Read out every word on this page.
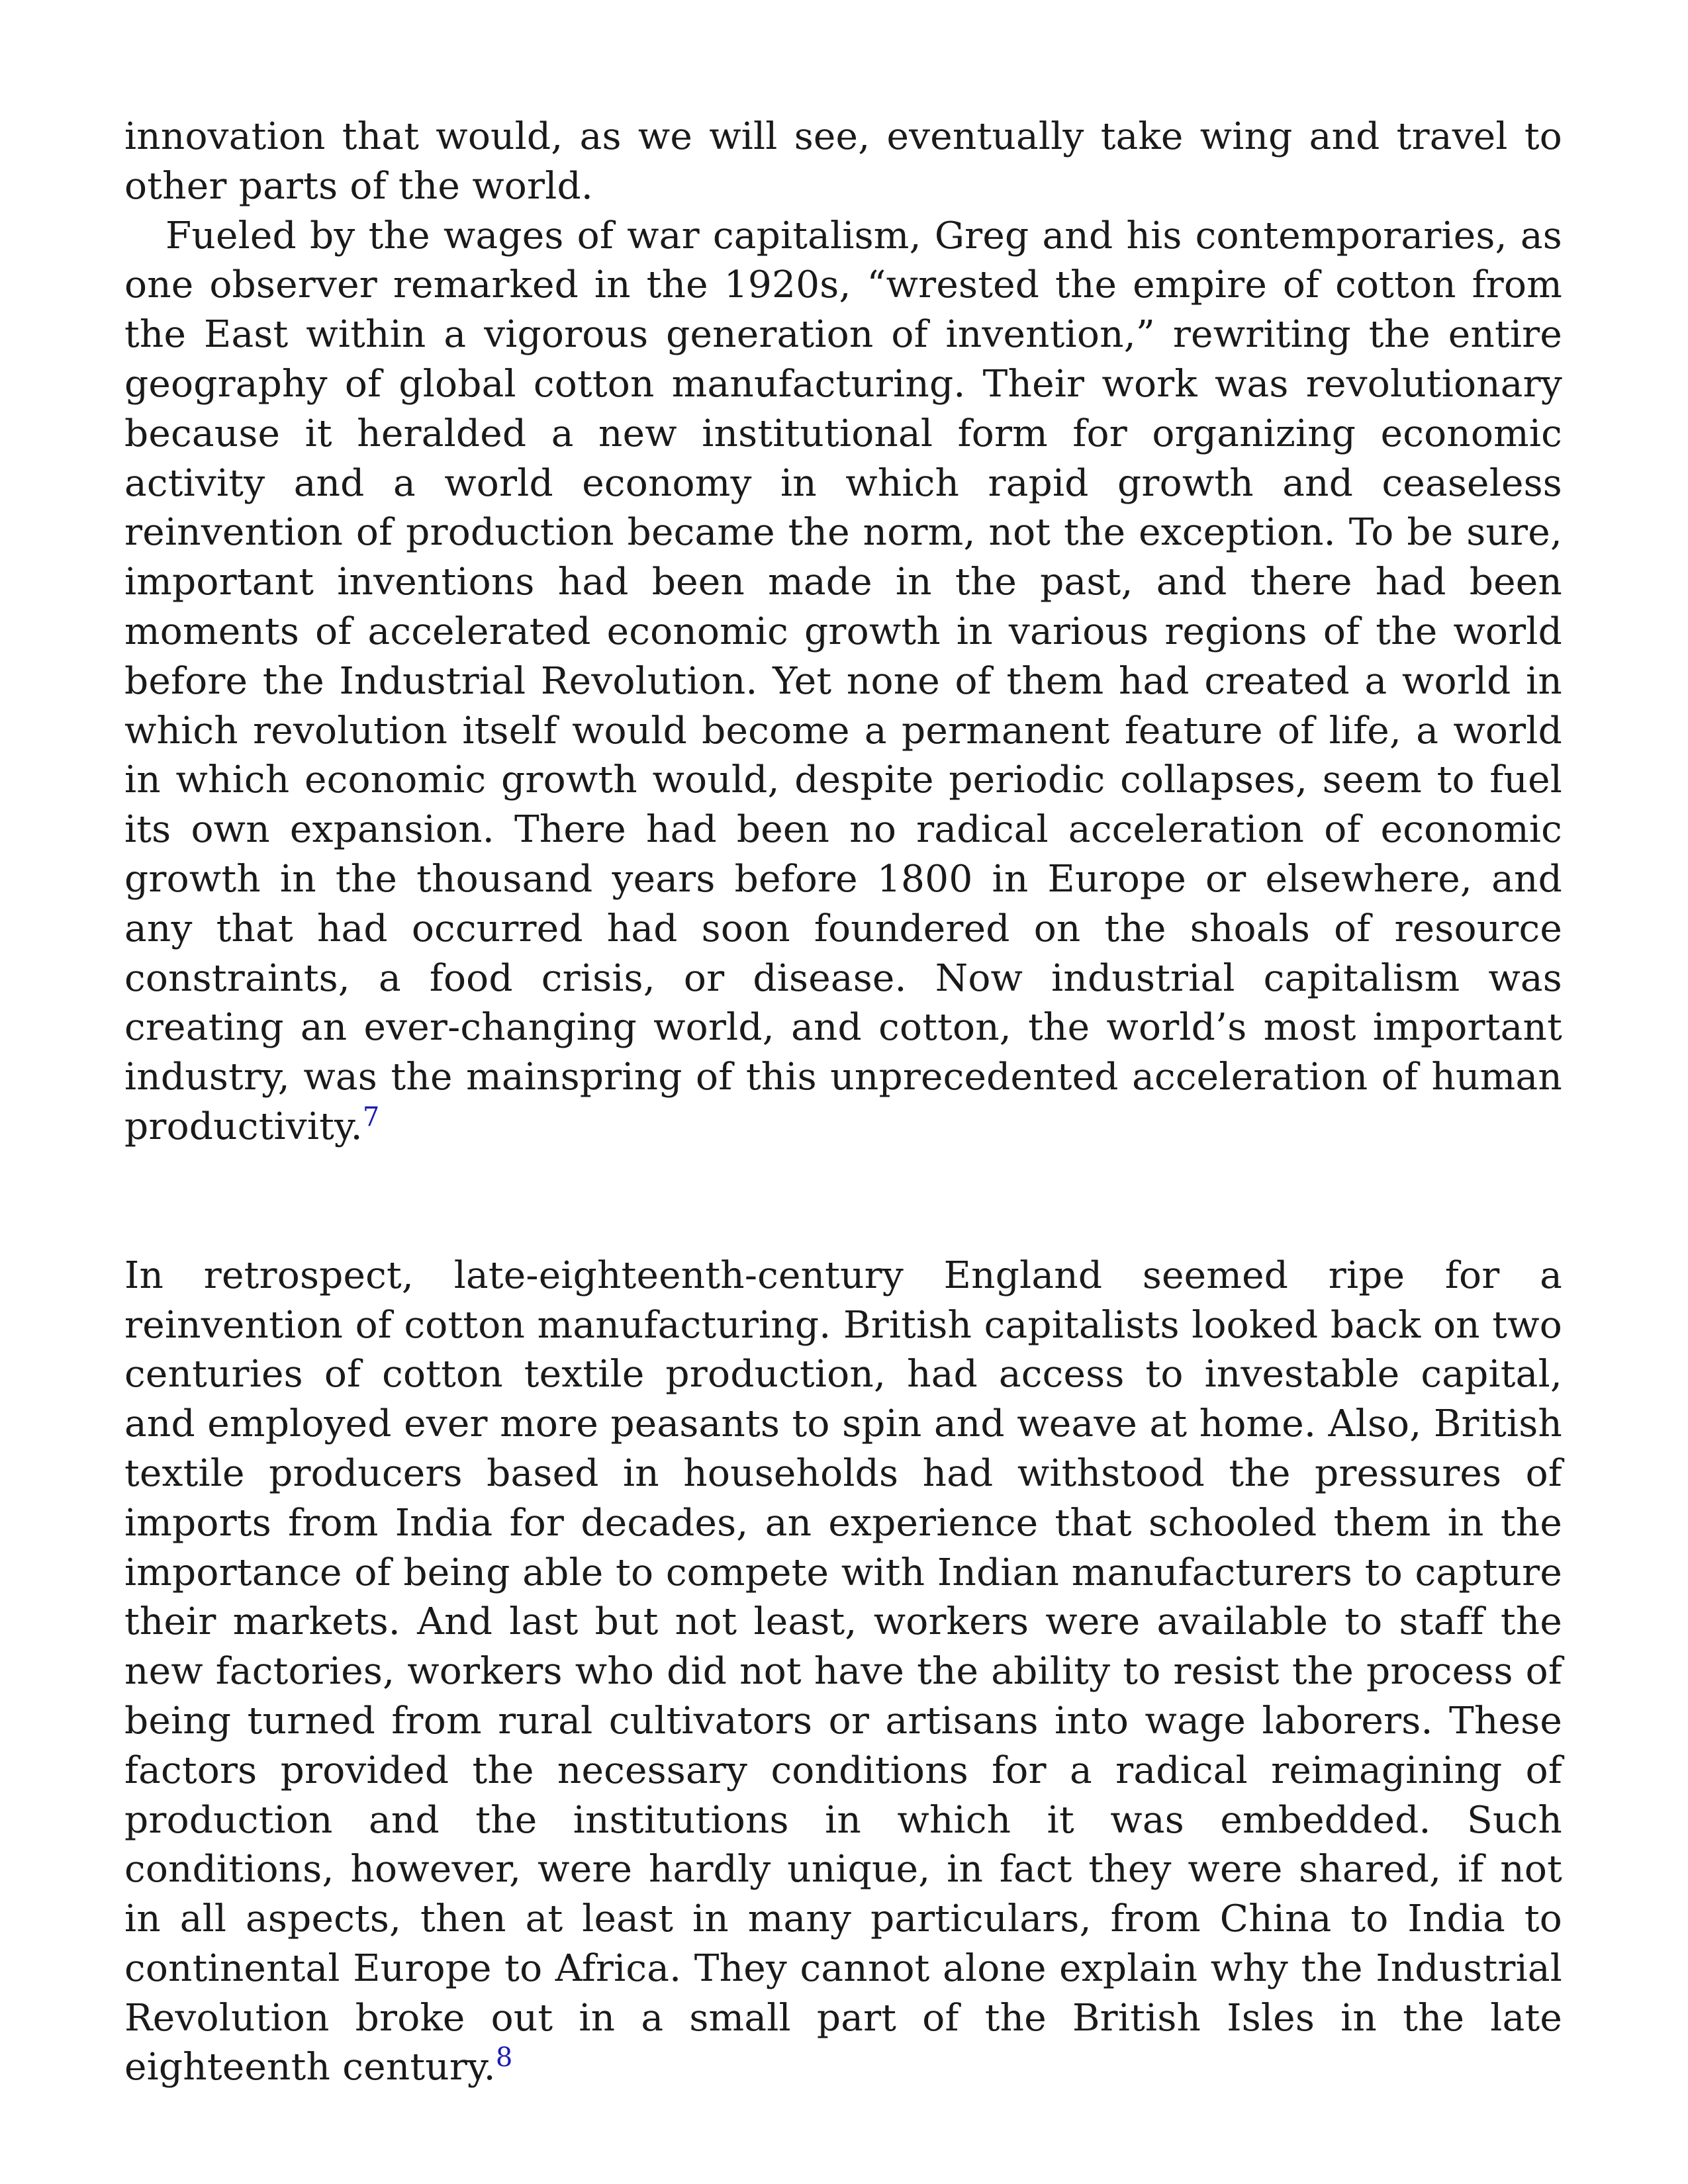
innovation that would, as we will see, eventually take wing and travel to other parts of the world.

Fueled by the wages of war capitalism, Greg and his contemporaries, as one observer remarked in the 1920s, “wrested the empire of cotton from the East within a vigorous generation of invention,” rewriting the entire geography of global cotton manufacturing. Their work was revolutionary because it heralded a new institutional form for organizing economic activity and a world economy in which rapid growth and ceaseless reinvention of production became the norm, not the exception. To be sure, important inventions had been made in the past, and there had been moments of accelerated economic growth in various regions of the world before the Industrial Revolution. Yet none of them had created a world in which revolution itself would become a permanent feature of life, a world in which economic growth would, despite periodic collapses, seem to fuel its own expansion. There had been no radical acceleration of economic growth in the thousand years before 1800 in Europe or elsewhere, and any that had occurred had soon foundered on the shoals of resource constraints, a food crisis, or disease. Now industrial capitalism was creating an ever-changing world, and cotton, the world’s most important industry, was the mainspring of this unprecedented acceleration of human productivity.$^7$

In retrospect, late-eighteenth-century England seemed ripe for a reinvention of cotton manufacturing. British capitalists looked back on two centuries of cotton textile production, had access to investable capital, and employed ever more peasants to spin and weave at home. Also, British textile producers based in households had withstood the pressures of imports from India for decades, an experience that schooled them in the importance of being able to compete with Indian manufacturers to capture their markets. And last but not least, workers were available to staff the new factories, workers who did not have the ability to resist the process of being turned from rural cultivators or artisans into wage laborers. These factors provided the necessary conditions for a radical reimagining of production and the institutions in which it was embedded. Such conditions, however, were hardly unique, in fact they were shared, if not in all aspects, then at least in many particulars, from China to India to continental Europe to Africa. They cannot alone explain why the Industrial Revolution broke out in a small part of the British Isles in the late eighteenth century.$^8$
